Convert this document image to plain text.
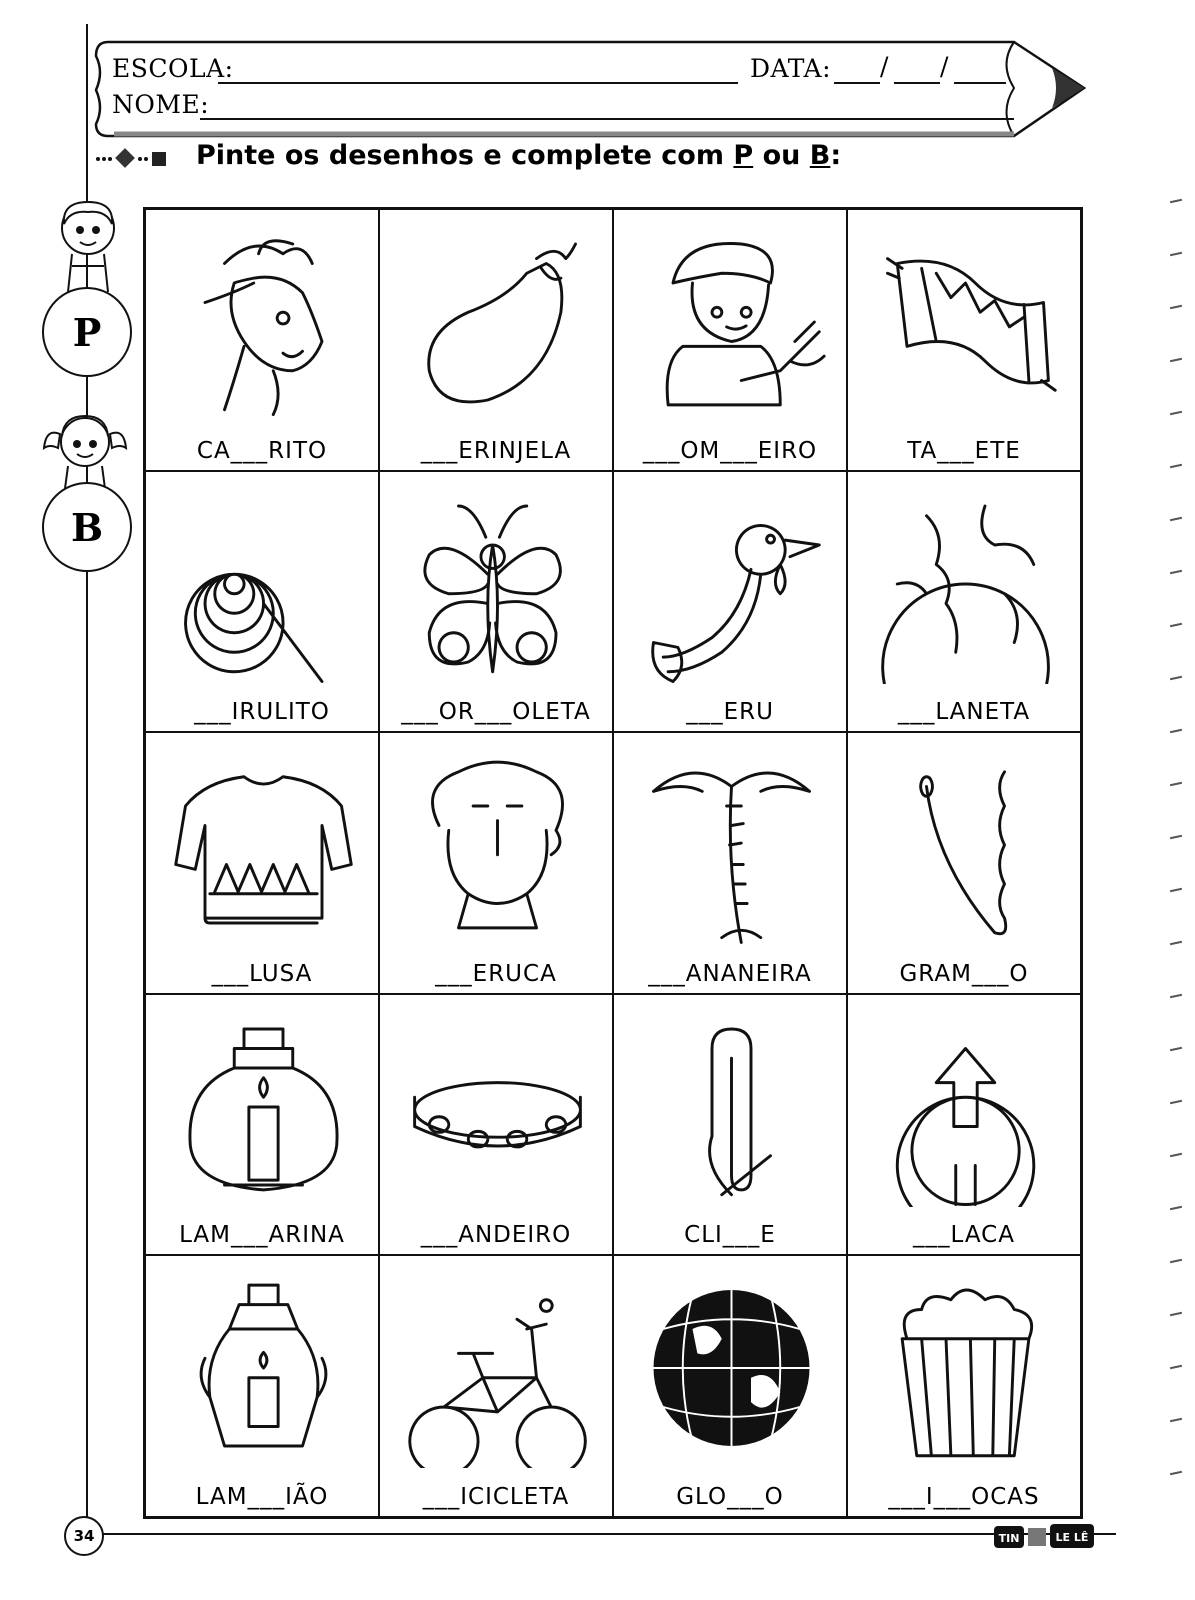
ESCOLA:	DATA: / /
NOME:
Pinte os desenhos e complete com P ou B:
P
B
CA___RITO	___ERINJELA	___OM___EIRO	TA___ETE
___IRULITO	___OR___OLETA	___ERU	___LANETA
___LUSA	___ERUCA	___ANANEIRA	GRAM___O
LAM___ARINA	___ANDEIRO	CLI___E	___LACA
LAM___IÃO	___ICICLETA	GLO___O	___I___OCAS
34	TIN	LE LÊ
